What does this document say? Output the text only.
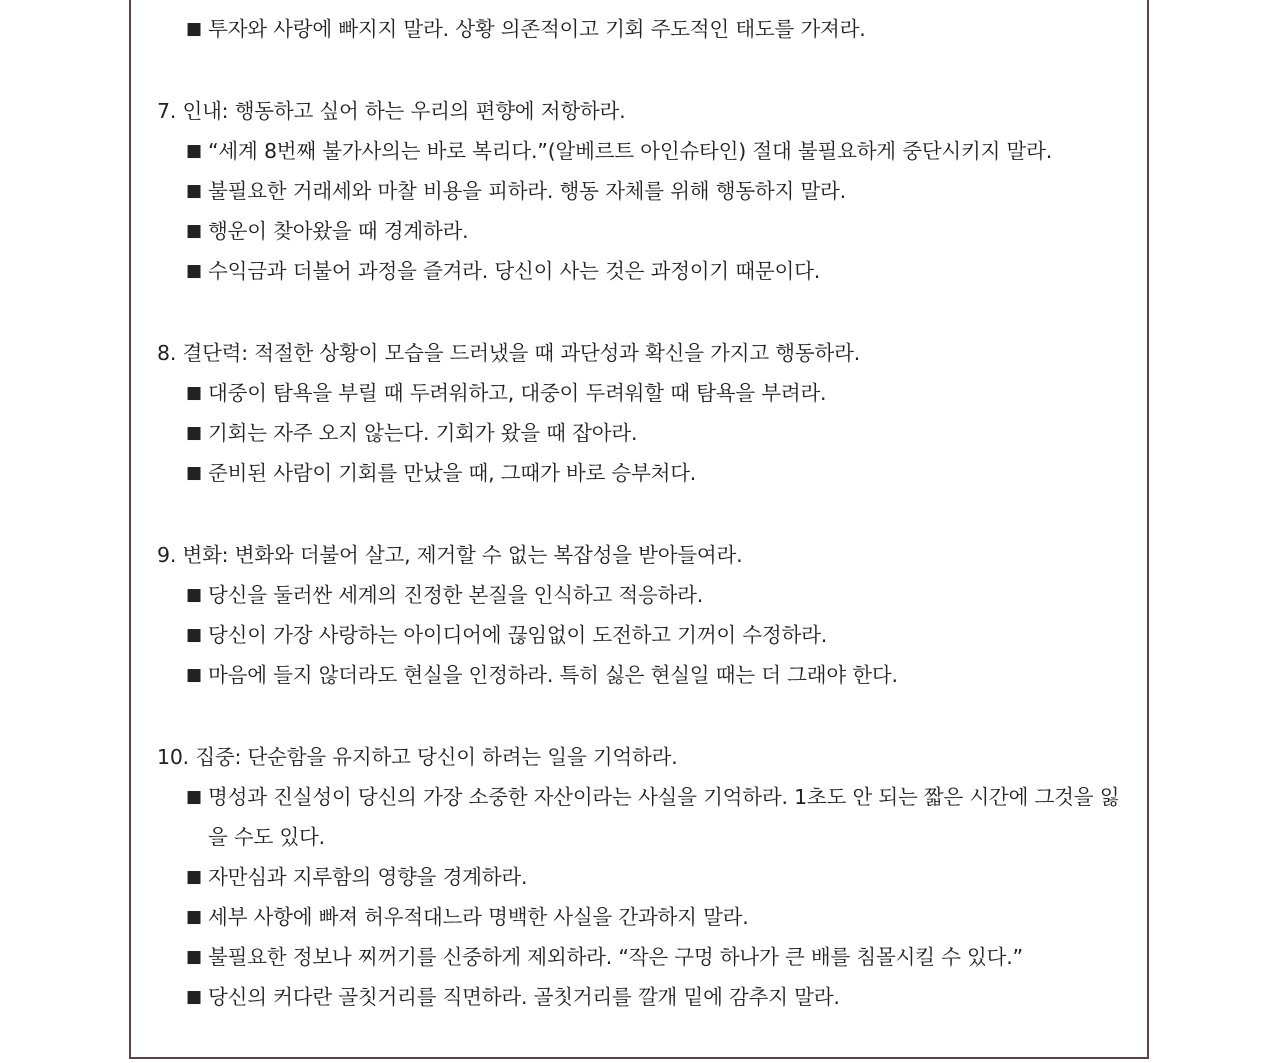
■ 투자와 사랑에 빠지지 말라. 상황 의존적이고 기회 주도적인 태도를 가져라.

7. 인내: 행동하고 싶어 하는 우리의 편향에 저항하라.

■ “세계 8번째 불가사의는 바로 복리다.”(알베르트 아인슈타인) 절대 불필요하게 중단시키지 말라.
■ 불필요한 거래세와 마찰 비용을 피하라. 행동 자체를 위해 행동하지 말라.
■ 행운이 찾아왔을 때 경계하라.
■ 수익금과 더불어 과정을 즐겨라. 당신이 사는 것은 과정이기 때문이다.

8. 결단력: 적절한 상황이 모습을 드러냈을 때 과단성과 확신을 가지고 행동하라.

■ 대중이 탐욕을 부릴 때 두려워하고, 대중이 두려워할 때 탐욕을 부려라.
■ 기회는 자주 오지 않는다. 기회가 왔을 때 잡아라.
■ 준비된 사람이 기회를 만났을 때, 그때가 바로 승부처다.

9. 변화: 변화와 더불어 살고, 제거할 수 없는 복잡성을 받아들여라.

■ 당신을 둘러싼 세계의 진정한 본질을 인식하고 적응하라.
■ 당신이 가장 사랑하는 아이디어에 끊임없이 도전하고 기꺼이 수정하라.
■ 마음에 들지 않더라도 현실을 인정하라. 특히 싫은 현실일 때는 더 그래야 한다.

10. 집중: 단순함을 유지하고 당신이 하려는 일을 기억하라.

■ 명성과 진실성이 당신의 가장 소중한 자산이라는 사실을 기억하라. 1초도 안 되는 짧은 시간에 그것을 잃을 수도 있다.
■ 자만심과 지루함의 영향을 경계하라.
■ 세부 사항에 빠져 허우적대느라 명백한 사실을 간과하지 말라.
■ 불필요한 정보나 찌꺼기를 신중하게 제외하라. “작은 구멍 하나가 큰 배를 침몰시킬 수 있다.”
■ 당신의 커다란 골칫거리를 직면하라. 골칫거리를 깔개 밑에 감추지 말라.
